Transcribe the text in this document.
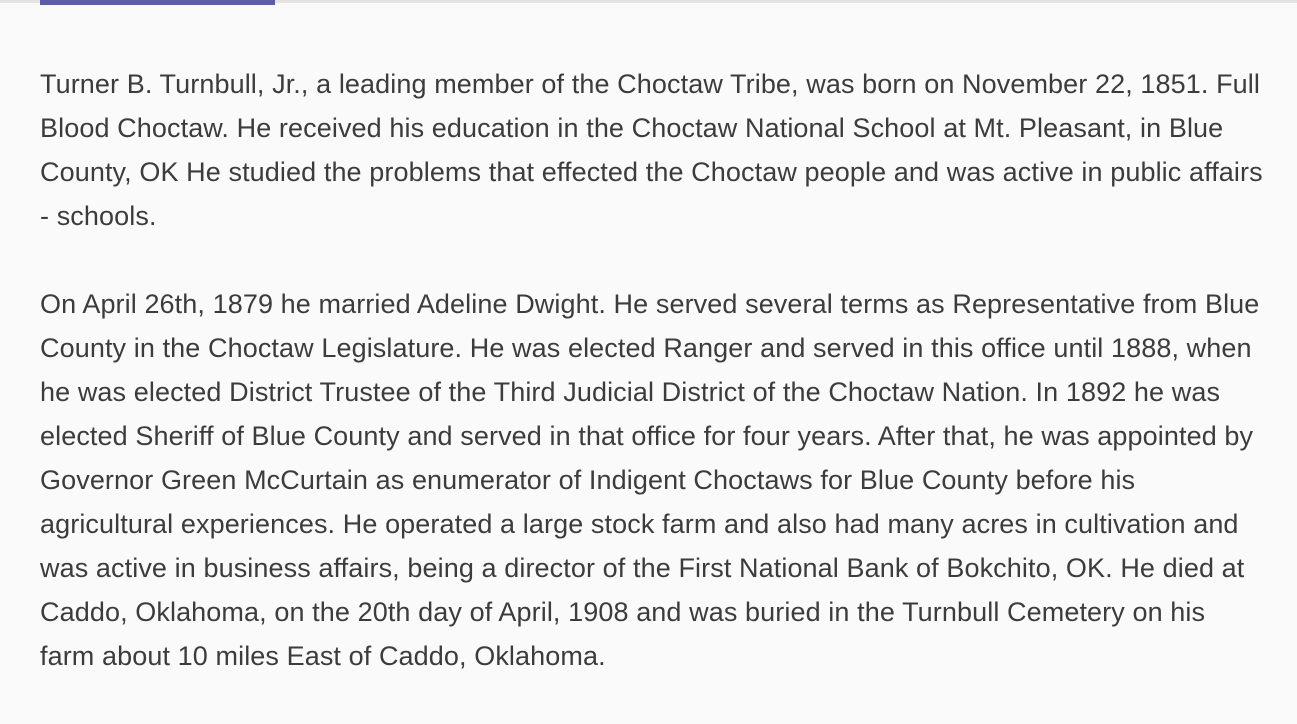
Turner B. Turnbull, Jr., a leading member of the Choctaw Tribe, was born on November 22, 1851. Full Blood Choctaw. He received his education in the Choctaw National School at Mt. Pleasant, in Blue County, OK He studied the problems that effected the Choctaw people and was active in public affairs - schools.

On April 26th, 1879 he married Adeline Dwight. He served several terms as Representative from Blue County in the Choctaw Legislature. He was elected Ranger and served in this office until 1888, when he was elected District Trustee of the Third Judicial District of the Choctaw Nation. In 1892 he was elected Sheriff of Blue County and served in that office for four years. After that, he was appointed by Governor Green McCurtain as enumerator of Indigent Choctaws for Blue County before his agricultural experiences. He operated a large stock farm and also had many acres in cultivation and was active in business affairs, being a director of the First National Bank of Bokchito, OK. He died at Caddo, Oklahoma, on the 20th day of April, 1908 and was buried in the Turnbull Cemetery on his farm about 10 miles East of Caddo, Oklahoma.
